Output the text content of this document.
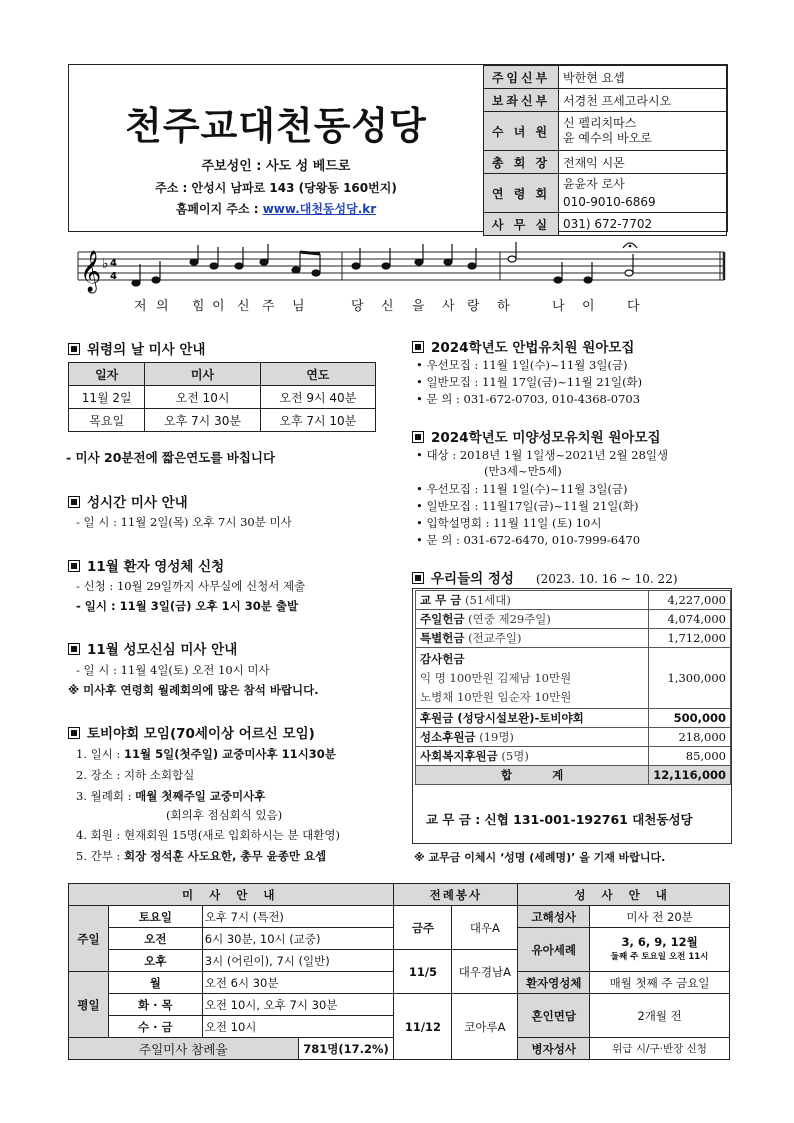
천주교대천동성당
주보성인 : 사도 성 베드로
주소 : 안성시 남파로 143 (당왕동 160번지)
홈페이지 주소 : www.대천동성당.kr
주임신부	박한현 요셉
보좌신부	서경천 프세고라시오
수 녀 원	신 펠리치따스
윤 예수의 바오로
총 회 장	전재익 시몬
연 령 회	윤윤자 로사
010-9010-6869
사 무 실	031) 672-7702
𝄞 ♭ 4
4
저 의 힘 이 신 주 님	당 신 을 사 랑 하	나 이 다
위령의 날 미사 안내
일자	미사	연도
11월 2일	오전 10시	오전 9시 40분
목요일	오후 7시 30분	오후 7시 10분
- 미사 20분전에 짧은연도를 바칩니다
성시간 미사 안내
- 일 시 : 11월 2일(목) 오후 7시 30분 미사
11월 환자 영성체 신청
- 신청 : 10월 29일까지 사무실에 신청서 제출
- 일시 : 11월 3일(금) 오후 1시 30분 출발
11월 성모신심 미사 안내
- 일 시 : 11월 4일(토) 오전 10시 미사
※ 미사후 연령회 월례회의에 많은 참석 바랍니다.
토비야회 모임(70세이상 어르신 모임)
1. 일시 : 11월 5일(첫주일) 교중미사후 11시30분
2. 장소 : 지하 소회합실
3. 월례회 : 매월 첫째주일 교중미사후
(회의후 점심회식 있음)
4. 회원 : 현재회원 15명(새로 입회하시는 분 대환영)
5. 간부 : 회장 정석훈 사도요한, 총무 윤종만 요셉
2024학년도 안법유치원 원아모집
• 우선모집 : 11월 1일(수)~11월 3일(금)
• 일반모집 : 11월 17일(금)~11월 21일(화)
• 문 의 : 031-672-0703, 010-4368-0703
2024학년도 미양성모유치원 원아모집
• 대상 : 2018년 1월 1일생~2021년 2월 28일생
(만3세~만5세)
• 우선모집 : 11월 1일(수)~11월 3일(금)
• 일반모집 : 11월17일(금)~11월 21일(화)
• 입학설명회 : 11월 11일 (토) 10시
• 문 의 : 031-672-6470, 010-7999-6470
우리들의 정성 (2023. 10. 16 ~ 10. 22)
교 무 금 (51세대)	4,227,000
주일헌금 (연중 제29주일)	4,074,000
특별헌금 (전교주일)	1,712,000
감사헌금
익 명 100만원 김제남 10만원
노병채 10만원 임순자 10만원	1,300,000
후원금 (성당시설보완)-토비야회	500,000
성소후원금 (19명)	218,000
사회복지후원금 (5명)	85,000
합          계	12,116,000
교 무 금 : 신협 131-001-192761 대천동성당
※ 교무금 이체시 ‘성명 (세례명)’ 을 기재 바랍니다.
미 사 안 내				전례봉사		성 사 안 내	
주일	토요일	오후 7시 (특전)		금주	대우A	고해성사	미사 전 20분
	오전	6시 30분, 10시 (교중)				유아세례	3, 6, 9, 12월
둘째 주 토요일 오전 11시
	오후	3시 (어린이), 7시 (일반)		11/5	대우경남A		
평일	월	오전 6시 30분				환자영성체	매월 첫째 주 금요일
	화 · 목	오전 10시, 오후 7시 30분		11/12	코아루A	혼인면담	2개월 전
	수 · 금	오전 10시					
주일미사 참례율			781명(17.2%)			병자성사	위급 시/구·반장 신청
